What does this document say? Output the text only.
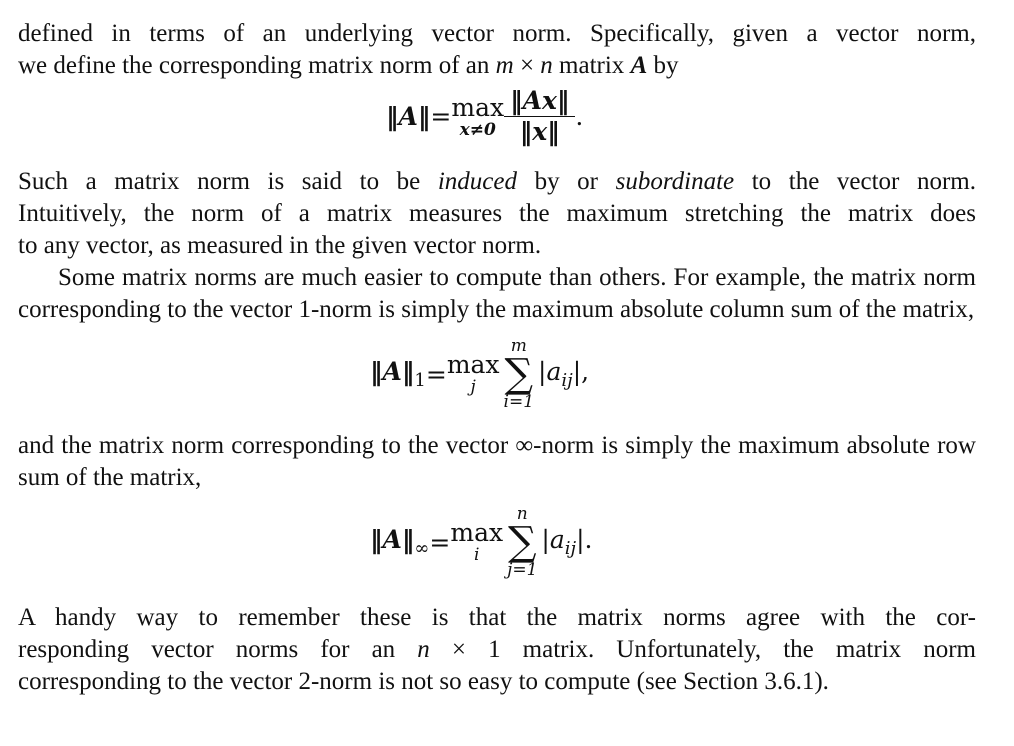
defined in terms of an underlying vector norm. Specifically, given a vector norm,
we define the corresponding matrix norm of an m × n matrix A by
‖A‖= max
$x\ne 0 \frac{‖Ax‖}{‖x‖}$ .
Such a matrix norm is said to be induced by or subordinate to the vector norm.
Intuitively, the norm of a matrix measures the maximum stretching the matrix does
to any vector, as measured in the given vector norm.
Some matrix norms are much easier to compute than others. For example, the matrix norm corresponding to the vector 1-norm is simply the maximum absolute column sum of the matrix,
$‖A‖_1= \max$
j
m
∑
i=1
$|a_{ij}|$,
and the matrix norm corresponding to the vector ∞-norm is simply the maximum absolute row sum of the matrix,
$‖A‖_\infty= \max$
i
n
∑
j=1
$|a_{ij}|$.
A handy way to remember these is that the matrix norms agree with the cor-
responding vector norms for an n × 1 matrix. Unfortunately, the matrix norm
corresponding to the vector 2-norm is not so easy to compute (see Section 3.6.1).
